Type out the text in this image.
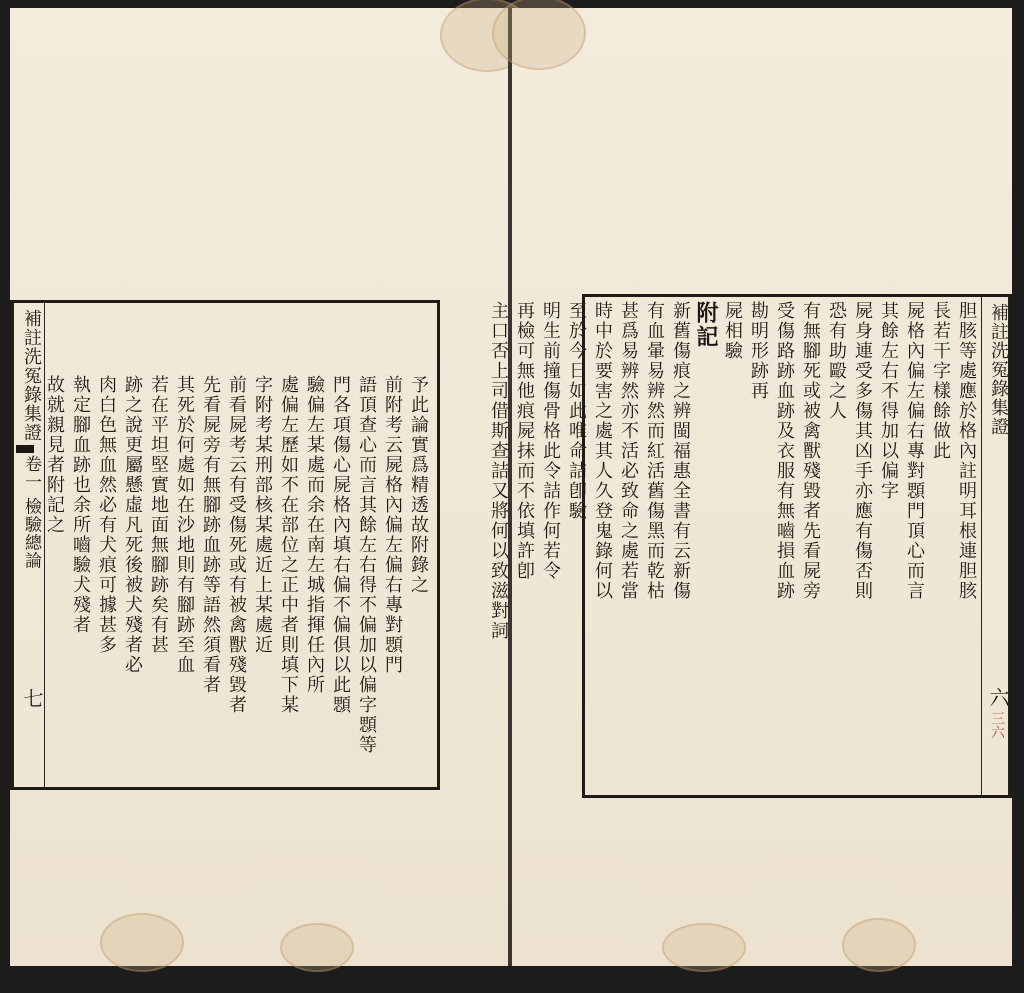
補註洗冤錄集證
卷一 檢驗總論
七
予此論實爲精透故附錄之
前附考云屍格內偏左偏右專對顋門
語頂查心而言其餘左右得不偏加以偏字顋等
門各項傷心屍格內填右偏不偏俱以此顋
驗偏左某處而余在南左城指揮任內所
處偏左歷如不在部位之正中者則填下某
字附考某刑部核某處近上某處近
前看屍考云有受傷死或有被禽獸殘毀者
先看屍旁有無腳跡血跡等語然須看者
其死於何處如在沙地則有腳跡至血
若在平坦堅實地面無腳跡矣有甚
跡之說更屬懸虛凡死後被犬殘者必
肉白色無血然必有犬痕可據甚多
執定腳血跡也余所嚙驗犬殘者
故就親見者附記之
補註洗冤錄集證
六
三六
胆胲等處應於格內註明耳根連胆胲
長若干字樣餘做此
屍格內偏左偏右專對顋門頂心而言
其餘左右不得加以偏字
屍身連受多傷其凶手亦應有傷否則
恐有助毆之人
有無腳死或被禽獸殘毀者先看屍旁
受傷路跡血跡及衣服有無嚙損血跡
勘明形跡再
屍相驗
附記
新舊傷痕之辨閩福惠全書有云新傷
有血暈易辨然而紅活舊傷黑而乾枯
甚爲易辨然亦不活必致命之處若當
時中於要害之處其人久登鬼錄何以
至於今日如此唯命詰卽驗
明生前撞傷骨格此令詰作何若令
再檢可無他痕屍抹而不依填許卽
主口否上司借斯查詰又將何以致滋對詞
